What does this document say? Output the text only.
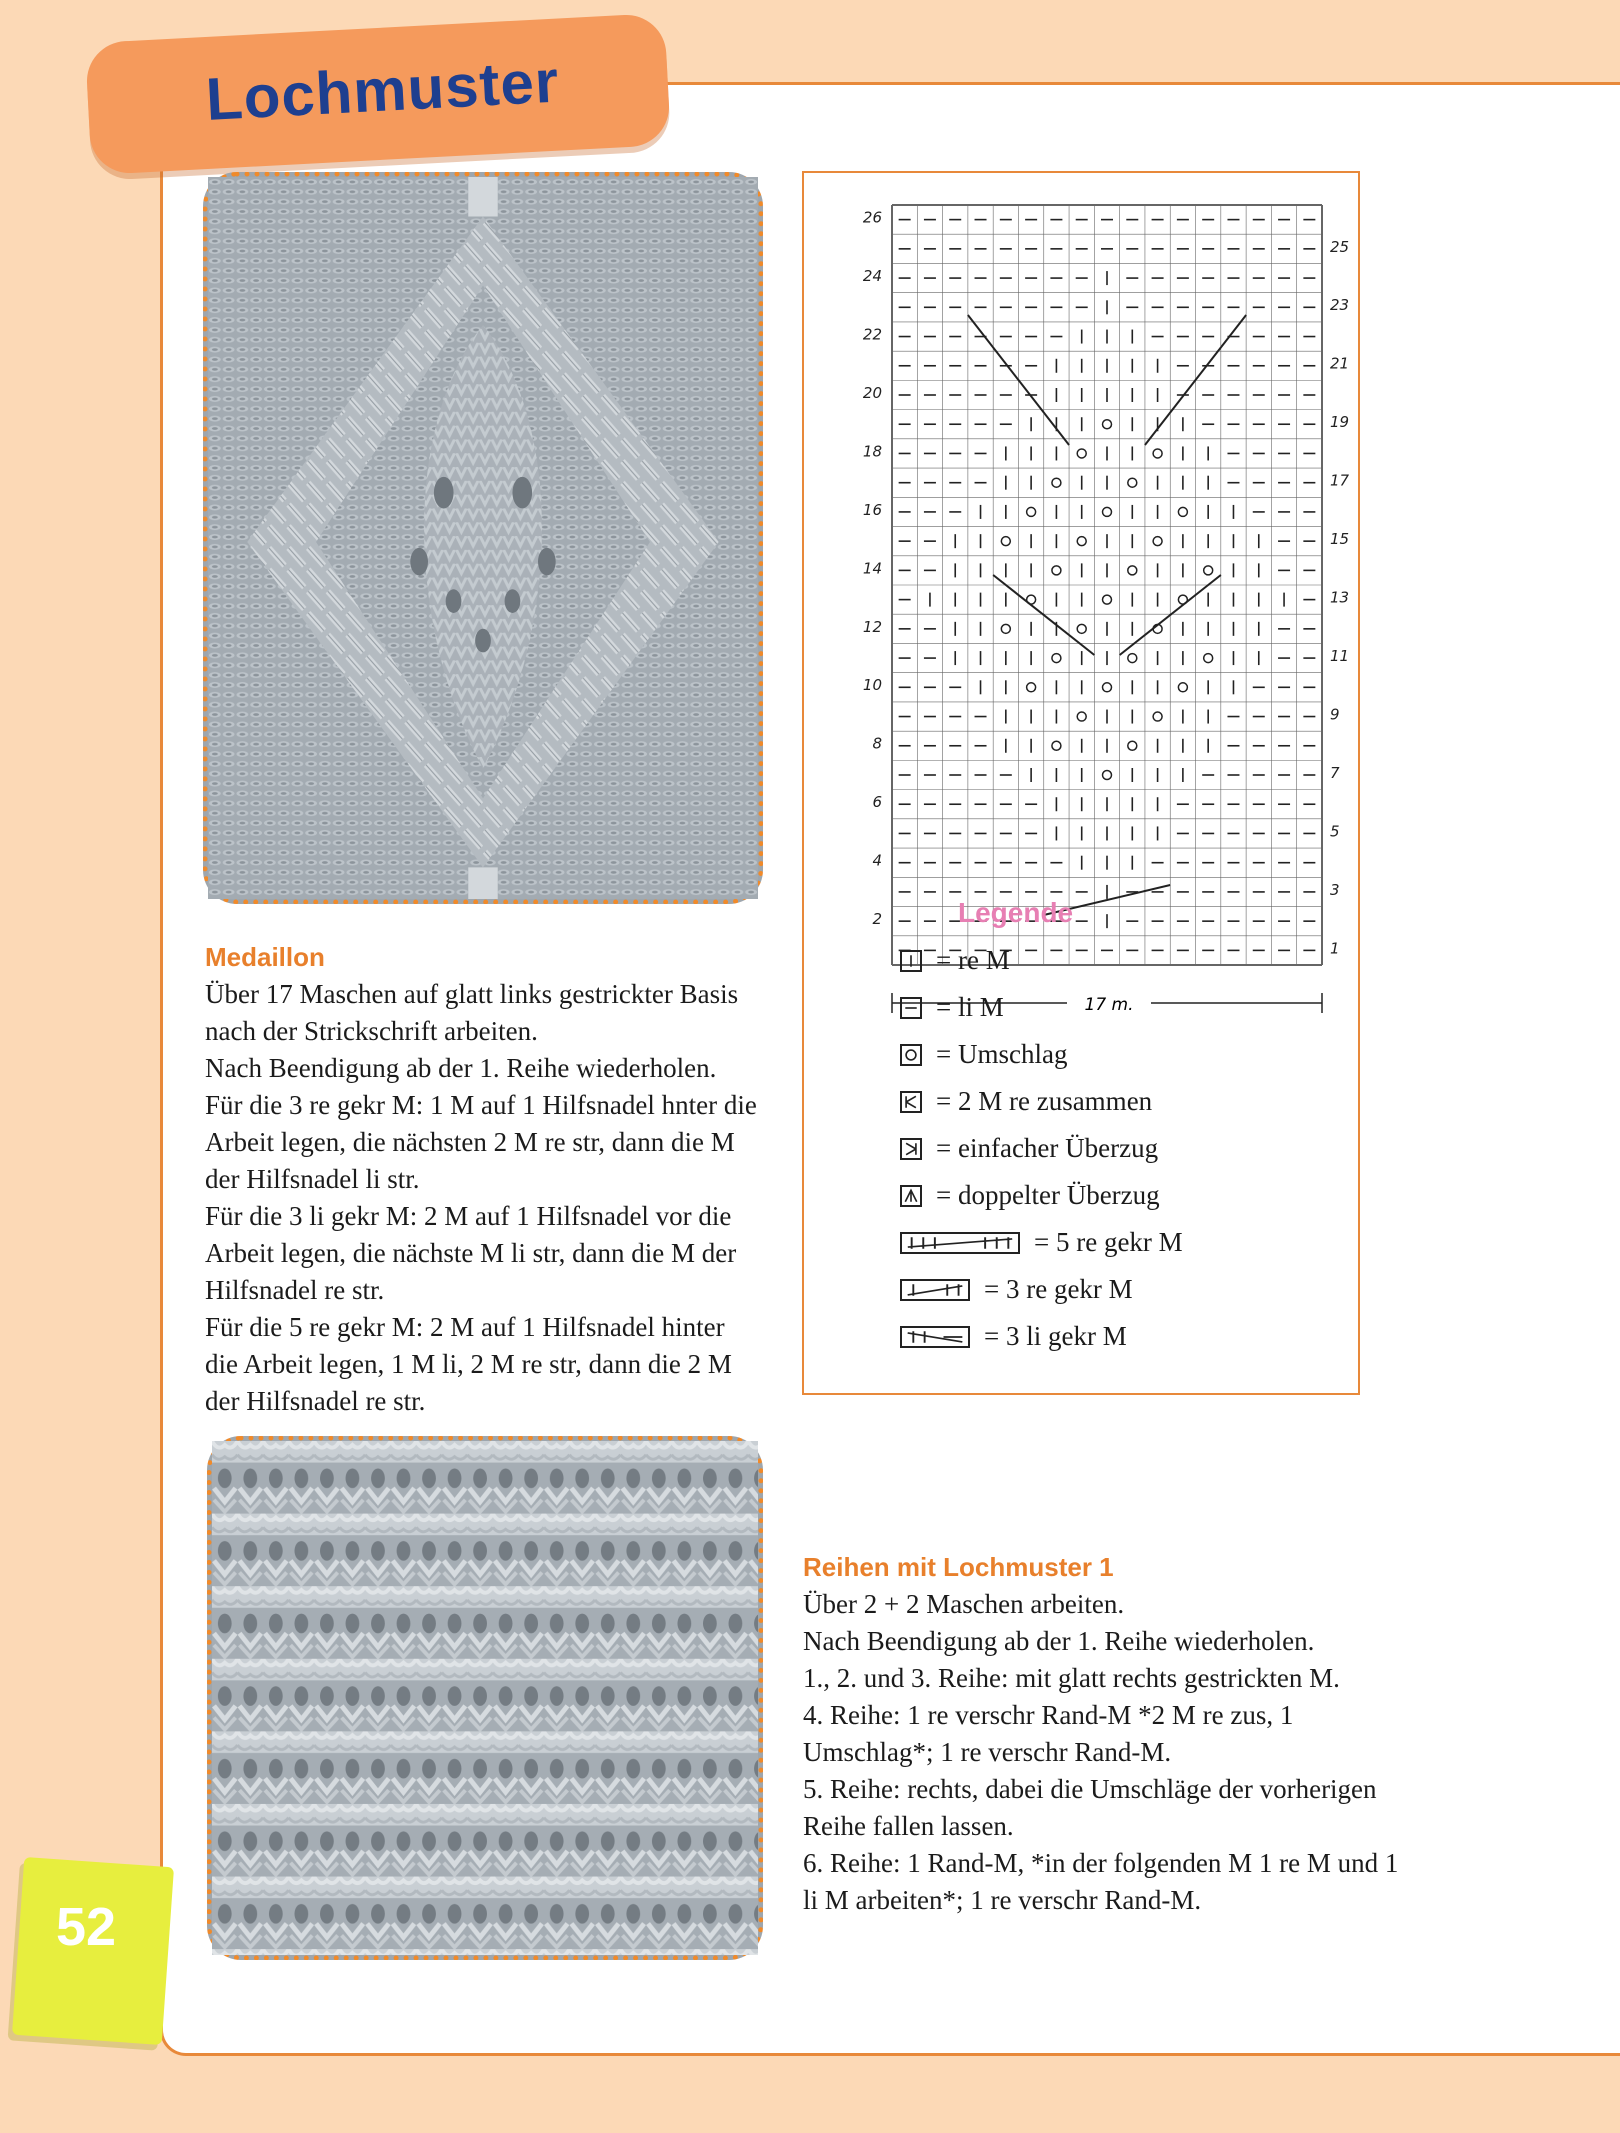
Lochmuster
Medaillon

Über 17 Maschen auf glatt links gestrickter Basis

nach der Strickschrift arbeiten.

Nach Beendigung ab der 1. Reihe wiederholen.

Für die 3 re gekr M: 1 M auf 1 Hilfsnadel hnter die

Arbeit legen, die nächsten 2 M re str, dann die M

der Hilfsnadel li str.

Für die 3 li gekr M: 2 M auf 1 Hilfsnadel vor die

Arbeit legen, die nächste M li str, dann die M der

Hilfsnadel re str.

Für die 5 re gekr M: 2 M auf 1 Hilfsnadel hinter

die Arbeit legen, 1 M li, 2 M re str, dann die 2 M

der Hilfsnadel re str.

26
24
22
20
18
16
14
12
10
8
6
4
2
25
23
21
19
17
15
13
11
9
7
5
3
1
17 m.
Legende
= re M
= li M
= Umschlag
= 2 M re zusammen
= einfacher Überzug
= doppelter Überzug
= 5 re gekr M
= 3 re gekr M
= 3 li gekr M
Reihen mit Lochmuster 1

Über 2 + 2 Maschen arbeiten.

Nach Beendigung ab der 1. Reihe wiederholen.

1., 2. und 3. Reihe: mit glatt rechts gestrickten M.

4. Reihe: 1 re verschr Rand-M *2 M re zus, 1

Umschlag*; 1 re verschr Rand-M.

5. Reihe: rechts, dabei die Umschläge der vorherigen

Reihe fallen lassen.

6. Reihe: 1 Rand-M, *in der folgenden M 1 re M und 1

li M arbeiten*; 1 re verschr Rand-M.

52
